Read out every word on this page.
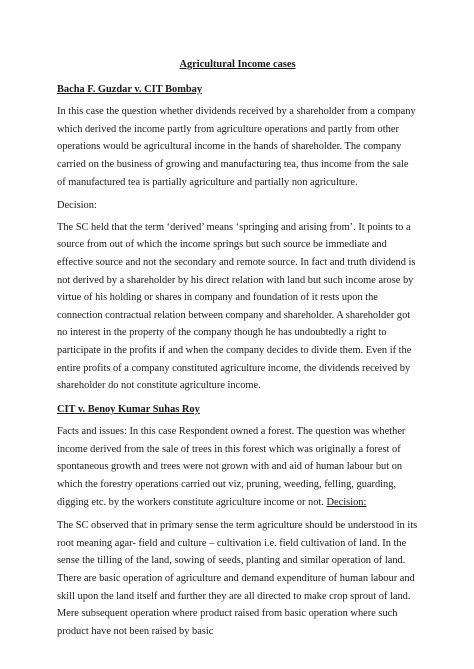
Agricultural Income cases

Bacha F. Guzdar v. CIT Bombay

In this case the question whether dividends received by a shareholder from a company which derived the income partly from agriculture operations and partly from other operations would be agricultural income in the hands of shareholder. The company carried on the business of growing and manufacturing tea, thus income from the sale of manufactured tea is partially agriculture and partially non agriculture.

Decision:

The SC held that the term ‘derived’ means ‘springing and arising from’. It points to a source from out of which the income springs but such source be immediate and effective source and not the secondary and remote source. In fact and truth dividend is not derived by a shareholder by his direct relation with land but such income arose by virtue of his holding or shares in company and foundation of it rests upon the connection contractual relation between company and shareholder. A shareholder got no interest in the property of the company though he has undoubtedly a right to participate in the profits if and when the company decides to divide them. Even if the entire profits of a company constituted agriculture income, the dividends received by shareholder do not constitute agriculture income.

CIT v. Benoy Kumar Suhas Roy

Facts and issues: In this case Respondent owned a forest. The question was whether income derived from the sale of trees in this forest which was originally a forest of spontaneous growth and trees were not grown with and aid of human labour but on which the forestry operations carried out viz, pruning, weeding, felling, guarding, digging etc. by the workers constitute agriculture income or not. Decision:

The SC observed that in primary sense the term agriculture should be understood in its root meaning agar- field and culture – cultivation i.e. field cultivation of land. In the sense the tilling of the land, sowing of seeds, planting and similar operation of land. There are basic operation of agriculture and demand expenditure of human labour and skill upon the land itself and further they are all directed to make crop sprout of land. Mere subsequent operation where product raised from basic operation where such product have not been raised by basic
